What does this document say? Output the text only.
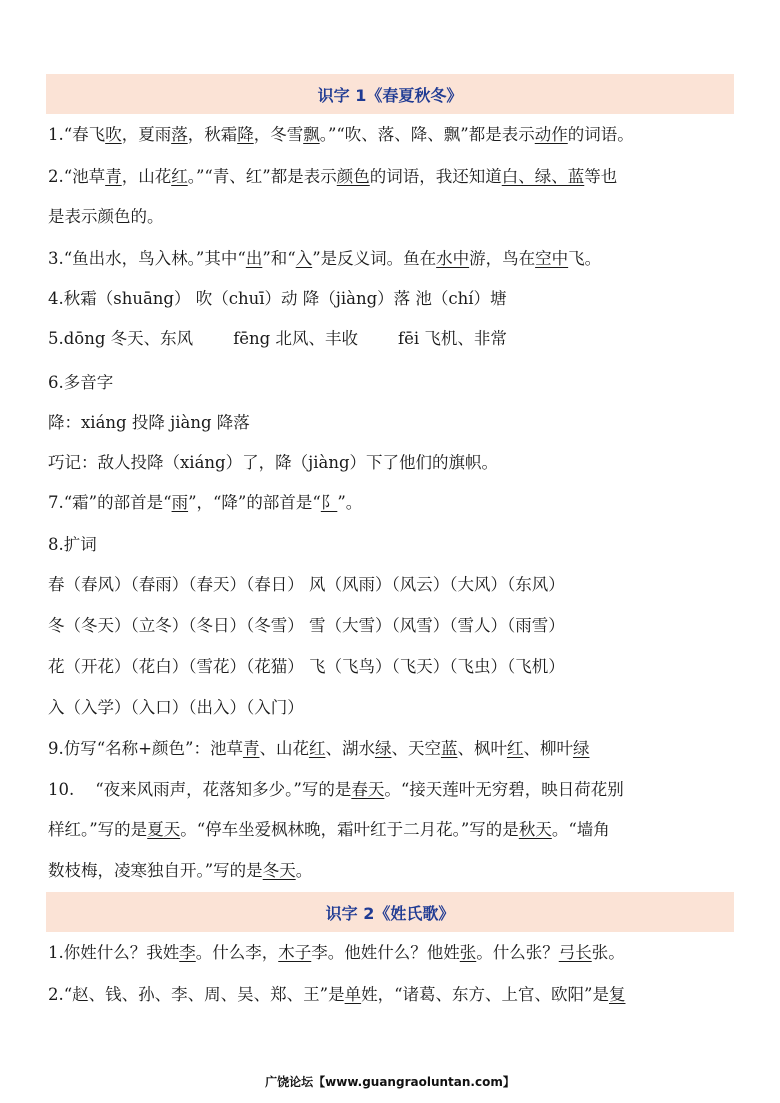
识字 1《春夏秋冬》
1.“春飞吹，夏雨落，秋霜降，冬雪飘。”“吹、落、降、飘”都是表示动作的词语。
2.“池草青，山花红。”“青、红”都是表示颜色的词语，我还知道白、绿、蓝等也
是表示颜色的。
3.“鱼出水，鸟入林。”其中“出”和“入”是反义词。鱼在水中游，鸟在空中飞。
4.秋霜（shuāng） 吹（chuī）动 降（jiàng）落 池（chí）塘
5.dōng 冬天、东风 fēng 北风、丰收 fēi 飞机、非常
6.多音字
降：xiáng 投降 jiàng 降落
巧记：敌人投降（xiáng）了，降（jiàng）下了他们的旗帜。
7.“霜”的部首是“雨”，“降”的部首是“阝”。
8.扩词
春（春风）（春雨）（春天）（春日） 风（风雨）（风云）（大风）（东风）
冬（冬天）（立冬）（冬日）（冬雪） 雪（大雪）（风雪）（雪人）（雨雪）
花（开花）（花白）（雪花）（花猫） 飞（飞鸟）（飞天）（飞虫）（飞机）
入（入学）（入口）（出入）（入门）
9.仿写“名称+颜色”：池草青、山花红、湖水绿、天空蓝、枫叶红、柳叶绿
10.    “夜来风雨声，花落知多少。”写的是春天。“接天莲叶无穷碧，映日荷花别
样红。”写的是夏天。“停车坐爱枫林晚，霜叶红于二月花。”写的是秋天。“墙角
数枝梅，凌寒独自开。”写的是冬天。
识字 2《姓氏歌》
1.你姓什么？我姓李。什么李，木子李。他姓什么？他姓张。什么张？弓长张。
2.“赵、钱、孙、李、周、吴、郑、王”是单姓，“诸葛、东方、上官、欧阳”是复
广饶论坛【www.guangraoluntan.com】
